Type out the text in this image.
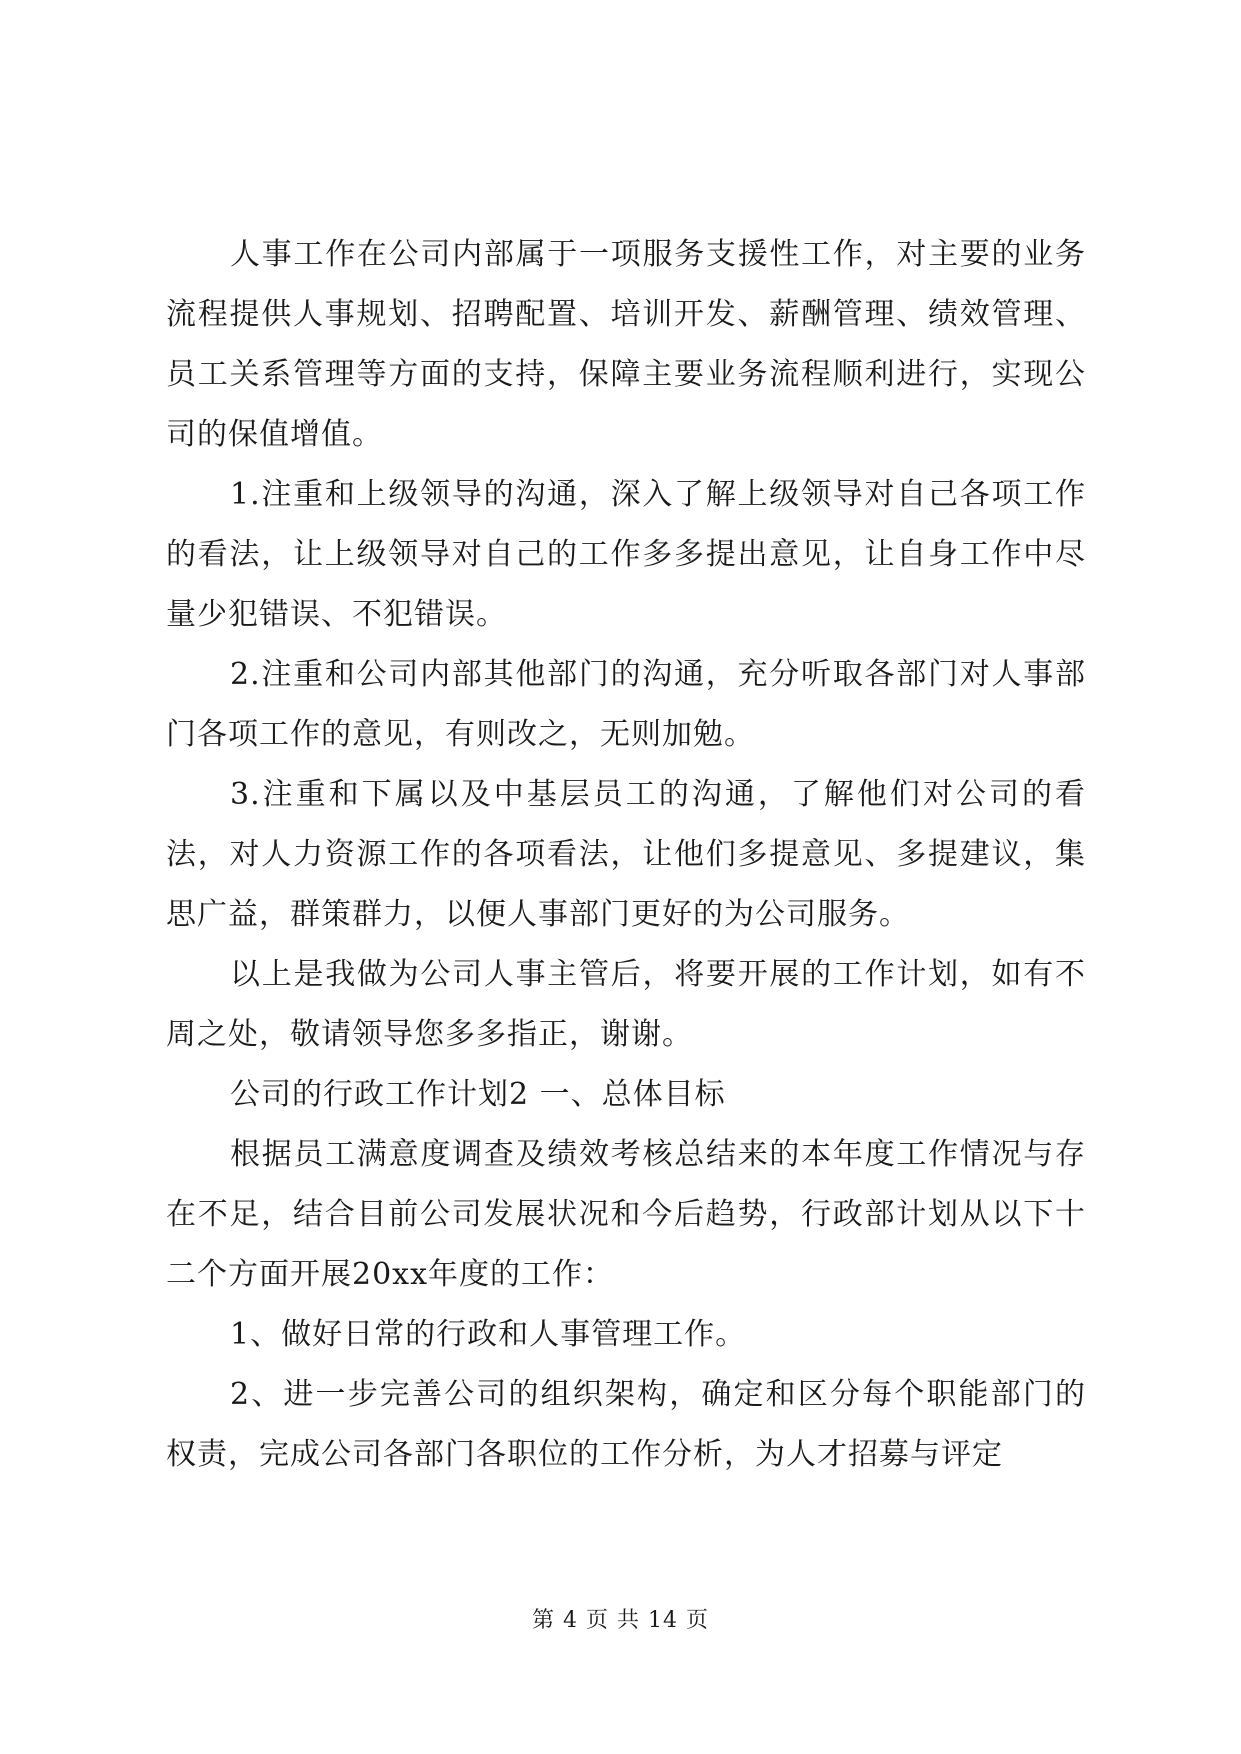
人事工作在公司内部属于一项服务支援性工作，对主要的业务流程提供人事规划、招聘配置、培训开发、薪酬管理、绩效管理、员工关系管理等方面的支持，保障主要业务流程顺利进行，实现公司的保值增值。

1.注重和上级领导的沟通，深入了解上级领导对自己各项工作的看法，让上级领导对自己的工作多多提出意见，让自身工作中尽量少犯错误、不犯错误。

2.注重和公司内部其他部门的沟通，充分听取各部门对人事部门各项工作的意见，有则改之，无则加勉。

3.注重和下属以及中基层员工的沟通，了解他们对公司的看法，对人力资源工作的各项看法，让他们多提意见、多提建议，集思广益，群策群力，以便人事部门更好的为公司服务。

以上是我做为公司人事主管后，将要开展的工作计划，如有不周之处，敬请领导您多多指正，谢谢。

公司的行政工作计划2 一、总体目标

根据员工满意度调查及绩效考核总结来的本年度工作情况与存在不足，结合目前公司发展状况和今后趋势，行政部计划从以下十二个方面开展20xx年度的工作：

1、做好日常的行政和人事管理工作。

2、进一步完善公司的组织架构，确定和区分每个职能部门的权责，完成公司各部门各职位的工作分析，为人才招募与评定

第 4 页 共 14 页
